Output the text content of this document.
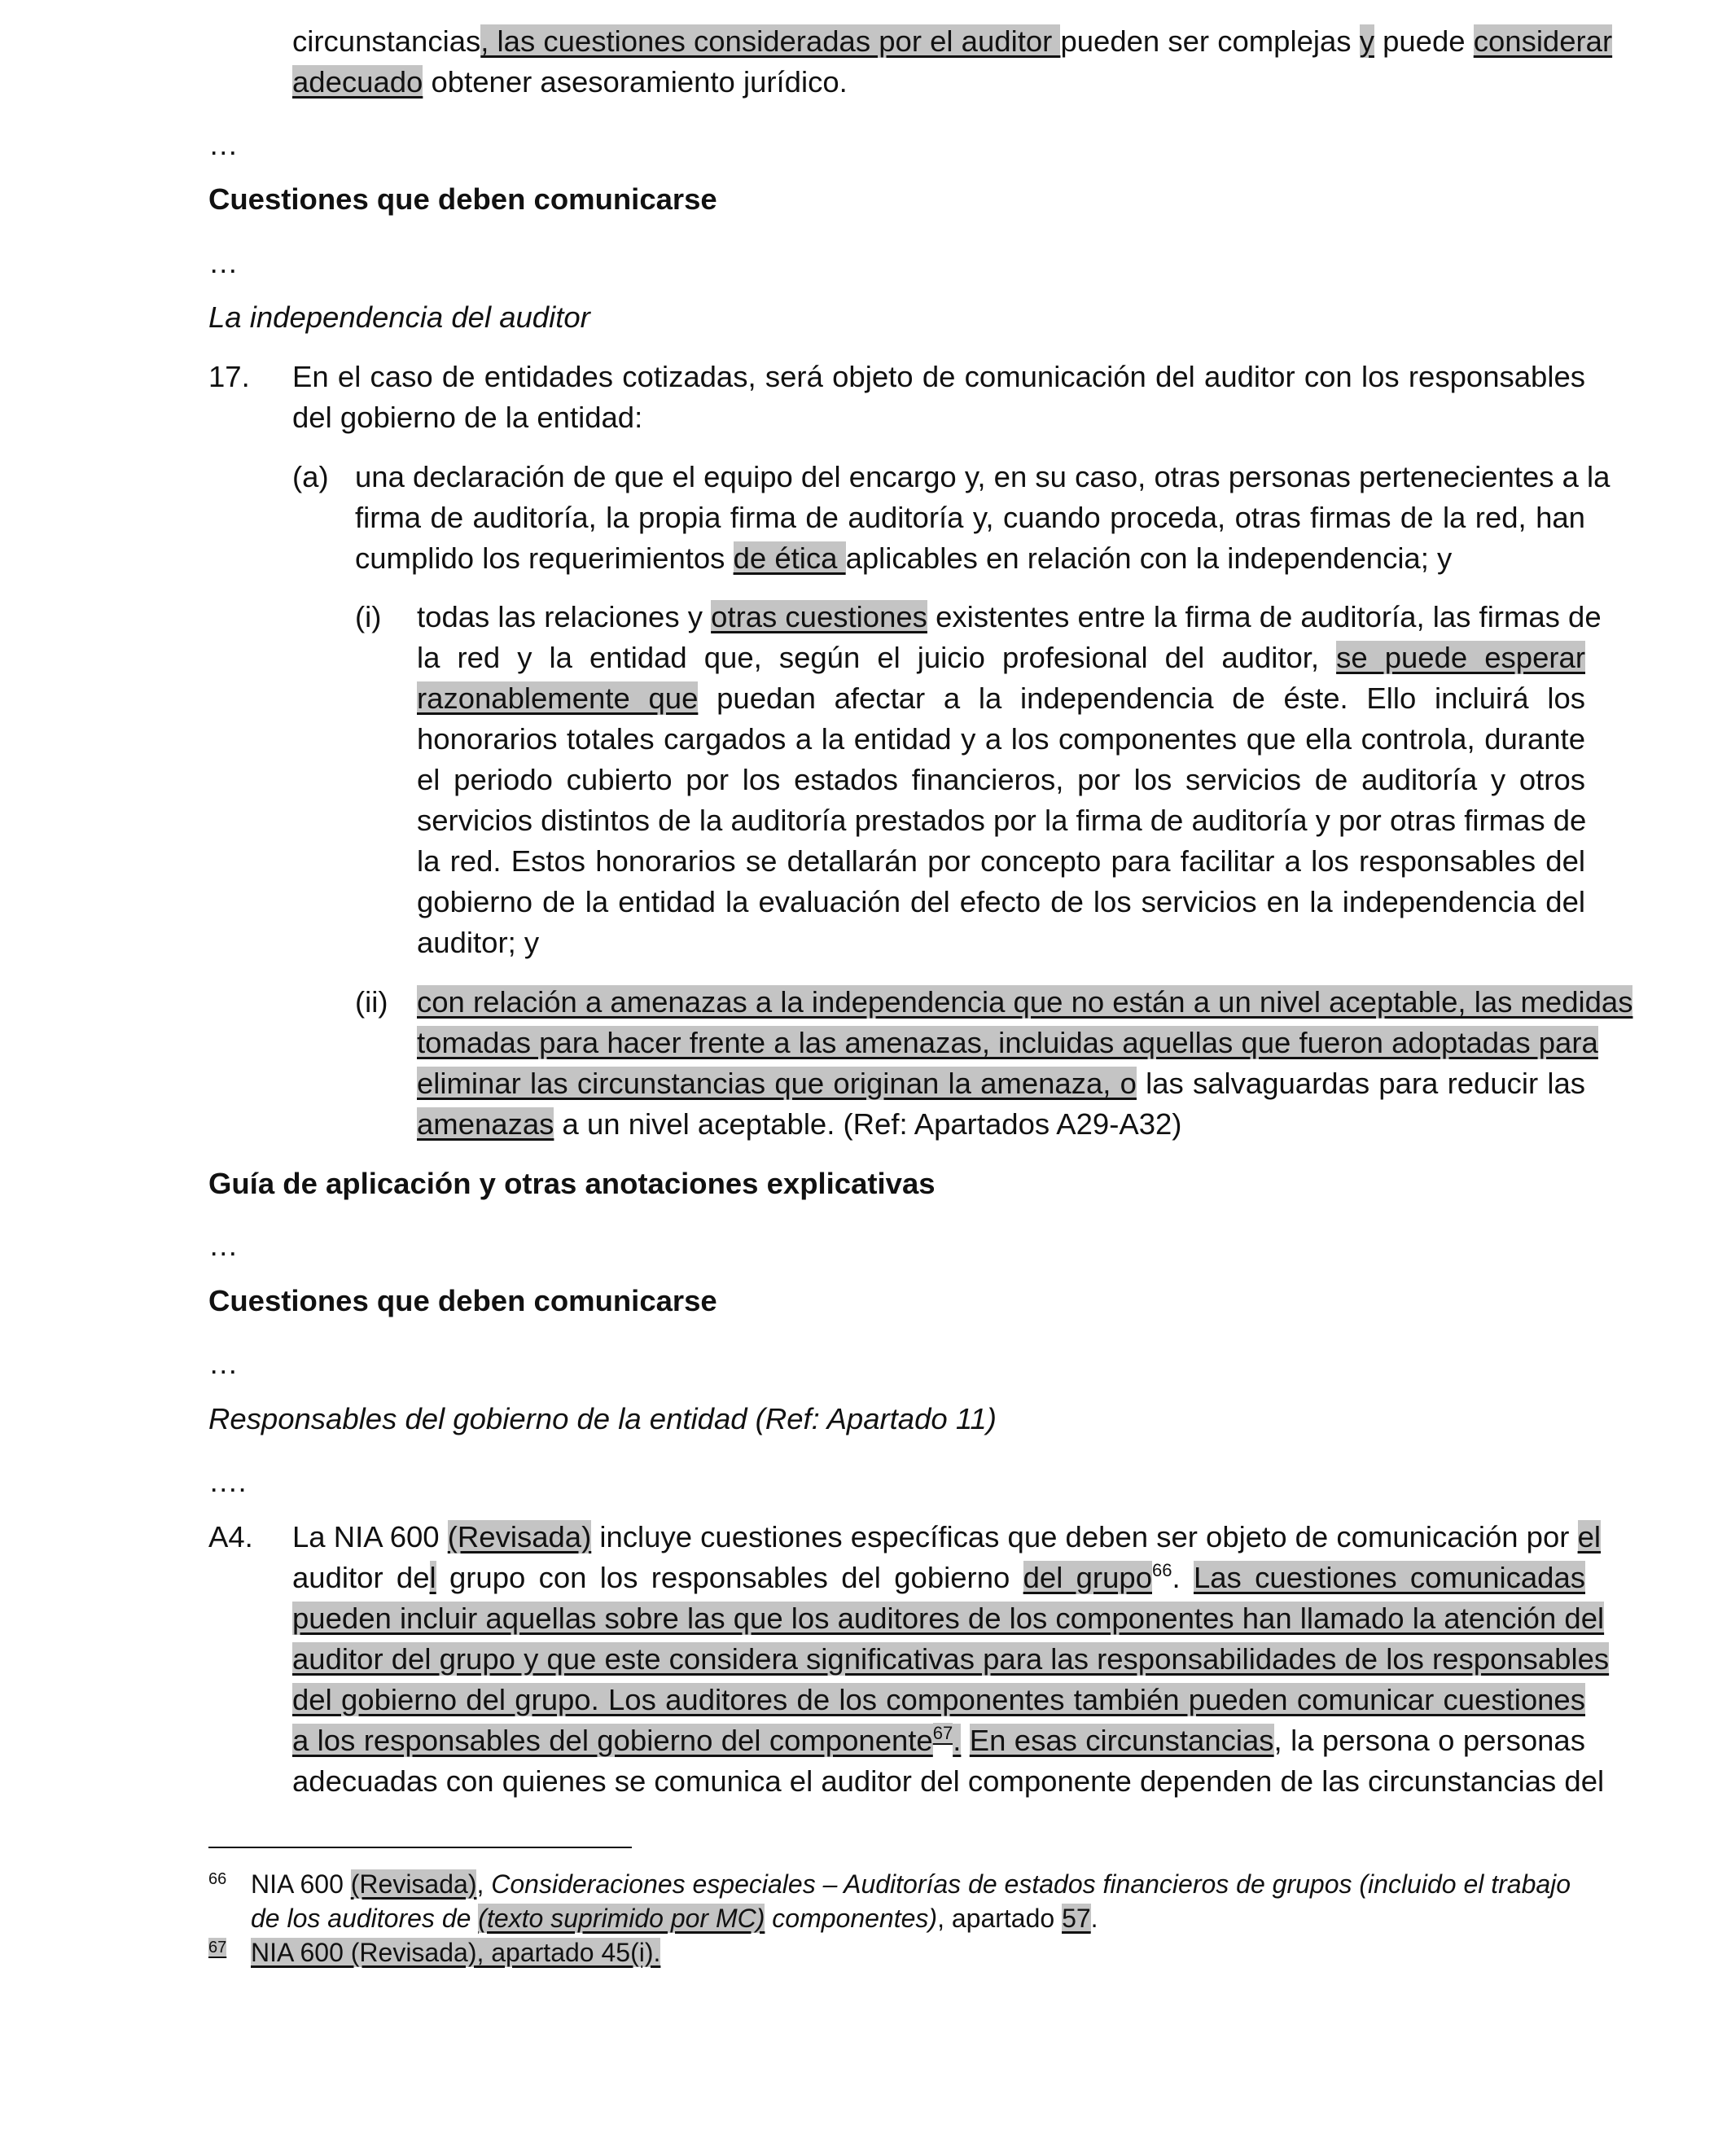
circunstancias, las cuestiones consideradas por el auditor pueden ser complejas y puede considerar
adecuado obtener asesoramiento jurídico.
…
Cuestiones que deben comunicarse
…
La independencia del auditor
17. En el caso de entidades cotizadas, será objeto de comunicación del auditor con los responsables
del gobierno de la entidad:
(a) una declaración de que el equipo del encargo y, en su caso, otras personas pertenecientes a la
firma de auditoría, la propia firma de auditoría y, cuando proceda, otras firmas de la red, han
cumplido los requerimientos de ética aplicables en relación con la independencia; y
(i) todas las relaciones y otras cuestiones existentes entre la firma de auditoría, las firmas de
la red y la entidad que, según el juicio profesional del auditor, se puede esperar
razonablemente que puedan afectar a la independencia de éste. Ello incluirá los
honorarios totales cargados a la entidad y a los componentes que ella controla, durante
el periodo cubierto por los estados financieros, por los servicios de auditoría y otros
servicios distintos de la auditoría prestados por la firma de auditoría y por otras firmas de
la red. Estos honorarios se detallarán por concepto para facilitar a los responsables del
gobierno de la entidad la evaluación del efecto de los servicios en la independencia del
auditor; y
(ii) con relación a amenazas a la independencia que no están a un nivel aceptable, las medidas
tomadas para hacer frente a las amenazas, incluidas aquellas que fueron adoptadas para
eliminar las circunstancias que originan la amenaza, o las salvaguardas para reducir las
amenazas a un nivel aceptable. (Ref: Apartados A29-A32)
Guía de aplicación y otras anotaciones explicativas
…
Cuestiones que deben comunicarse
…
Responsables del gobierno de la entidad (Ref: Apartado 11)
….
A4. La NIA 600 (Revisada) incluye cuestiones específicas que deben ser objeto de comunicación por el
auditor del grupo con los responsables del gobierno del grupo$^{66}$. Las cuestiones comunicadas
pueden incluir aquellas sobre las que los auditores de los componentes han llamado la atención del
auditor del grupo y que este considera significativas para las responsabilidades de los responsables
del gobierno del grupo. Los auditores de los componentes también pueden comunicar cuestiones
a los responsables del gobierno del componente$^{67}$. En esas circunstancias, la persona o personas
adecuadas con quienes se comunica el auditor del componente dependen de las circunstancias del
66 NIA 600 (Revisada), Consideraciones especiales – Auditorías de estados financieros de grupos (incluido el trabajo
de los auditores de (texto suprimido por MC) componentes), apartado 57.
67 NIA 600 (Revisada), apartado 45(i).
